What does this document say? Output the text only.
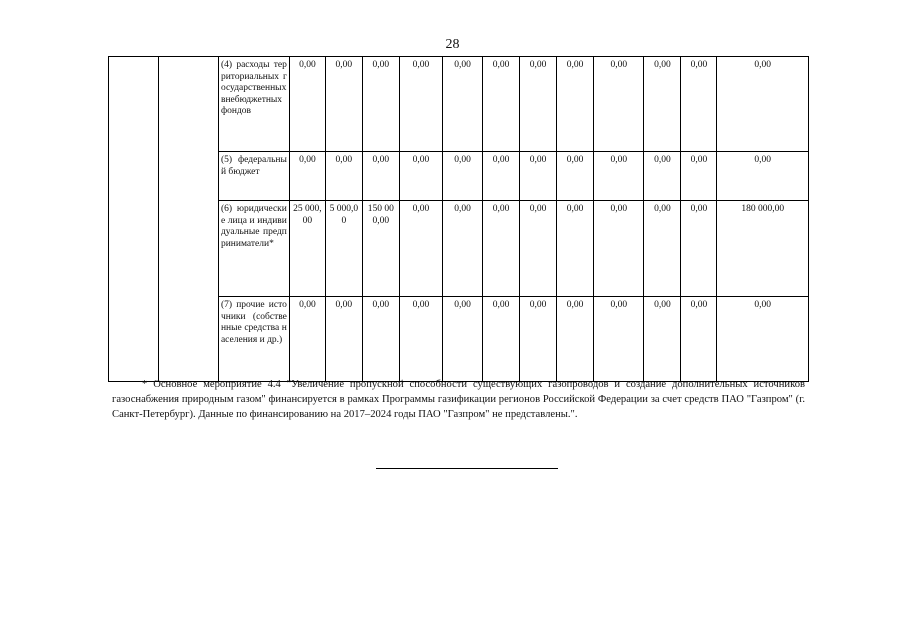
28

		(4) расходы территориальных государственных внебюджетных фондов	0,00	0,00	0,00	0,00	0,00	0,00	0,00	0,00	0,00	0,00	0,00	0,00

		(5) федеральный бюджет	0,00	0,00	0,00	0,00	0,00	0,00	0,00	0,00	0,00	0,00	0,00	0,00

		(6) юридические лица и индивидуальные предприниматели*	25 000,00	5 000,00	150 000,00	0,00	0,00	0,00	0,00	0,00	0,00	0,00	0,00	180 000,00

		(7) прочие источники (собственные средства населения и др.)	0,00	0,00	0,00	0,00	0,00	0,00	0,00	0,00	0,00	0,00	0,00	0,00
* Основное мероприятие 4.4 "Увеличение пропускной способности существующих газопроводов и создание дополнительных источников газоснабжения природным газом" финансируется в рамках Программы газификации регионов Российской Федерации за счет средств ПАО "Газпром" (г. Санкт-Петербург). Данные по финансированию на 2017–2024 годы ПАО "Газпром" не представлены.".
